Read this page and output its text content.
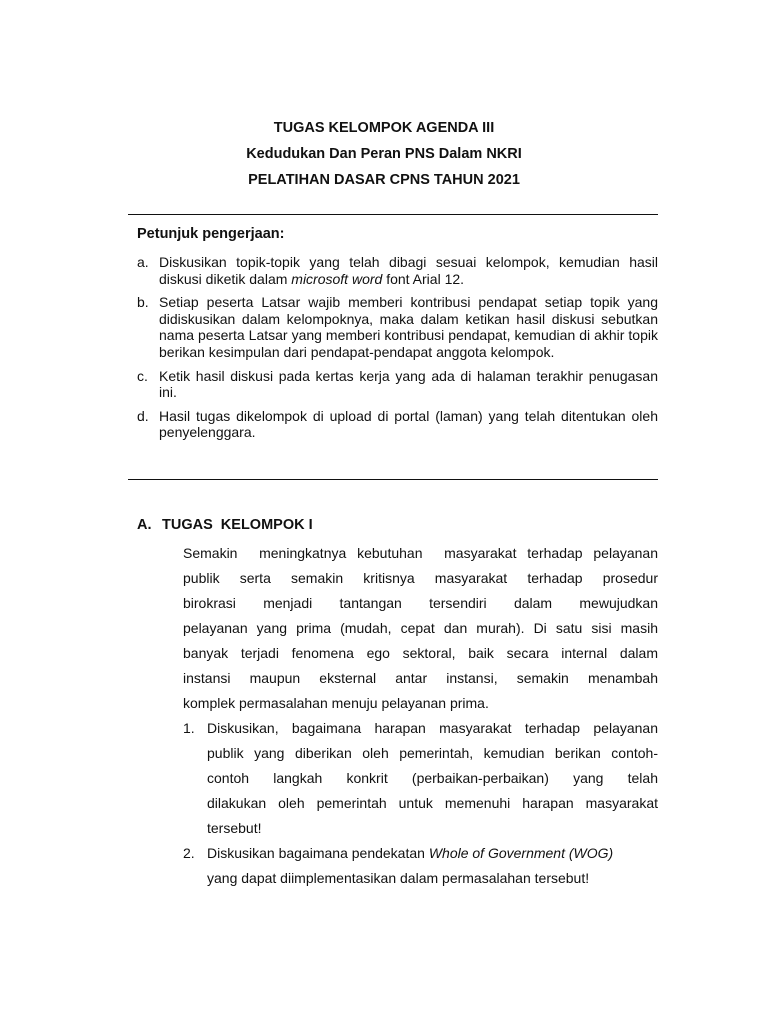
TUGAS KELOMPOK AGENDA III
Kedudukan Dan Peran PNS Dalam NKRI
PELATIHAN DASAR CPNS TAHUN 2021
Petunjuk pengerjaan:
a. Diskusikan topik-topik yang telah dibagi sesuai kelompok, kemudian hasil diskusi diketik dalam microsoft word font Arial 12.
b. Setiap peserta Latsar wajib memberi kontribusi pendapat setiap topik yang didiskusikan dalam kelompoknya, maka dalam ketikan hasil diskusi sebutkan nama peserta Latsar yang memberi kontribusi pendapat, kemudian di akhir topik berikan kesimpulan dari pendapat-pendapat anggota kelompok.
c. Ketik hasil diskusi pada kertas kerja yang ada di halaman terakhir penugasan ini.
d. Hasil tugas dikelompok di upload di portal (laman) yang telah ditentukan oleh penyelenggara.
A. TUGAS  KELOMPOK I
Semakin  meningkatnya kebutuhan  masyarakat terhadap pelayanan
publik serta semakin kritisnya masyarakat terhadap prosedur
birokrasi menjadi tantangan tersendiri dalam mewujudkan
pelayanan yang prima (mudah, cepat dan murah). Di satu sisi masih
banyak terjadi fenomena ego sektoral, baik secara internal dalam
instansi maupun eksternal antar instansi, semakin menambah
komplek permasalahan menuju pelayanan prima.
1. Diskusikan, bagaimana harapan masyarakat terhadap pelayanan
publik yang diberikan oleh pemerintah, kemudian berikan contoh-
contoh langkah konkrit (perbaikan-perbaikan) yang telah
dilakukan oleh pemerintah untuk memenuhi harapan masyarakat
tersebut!
2. Diskusikan bagaimana pendekatan Whole of Government (WOG)
yang dapat diimplementasikan dalam permasalahan tersebut!
